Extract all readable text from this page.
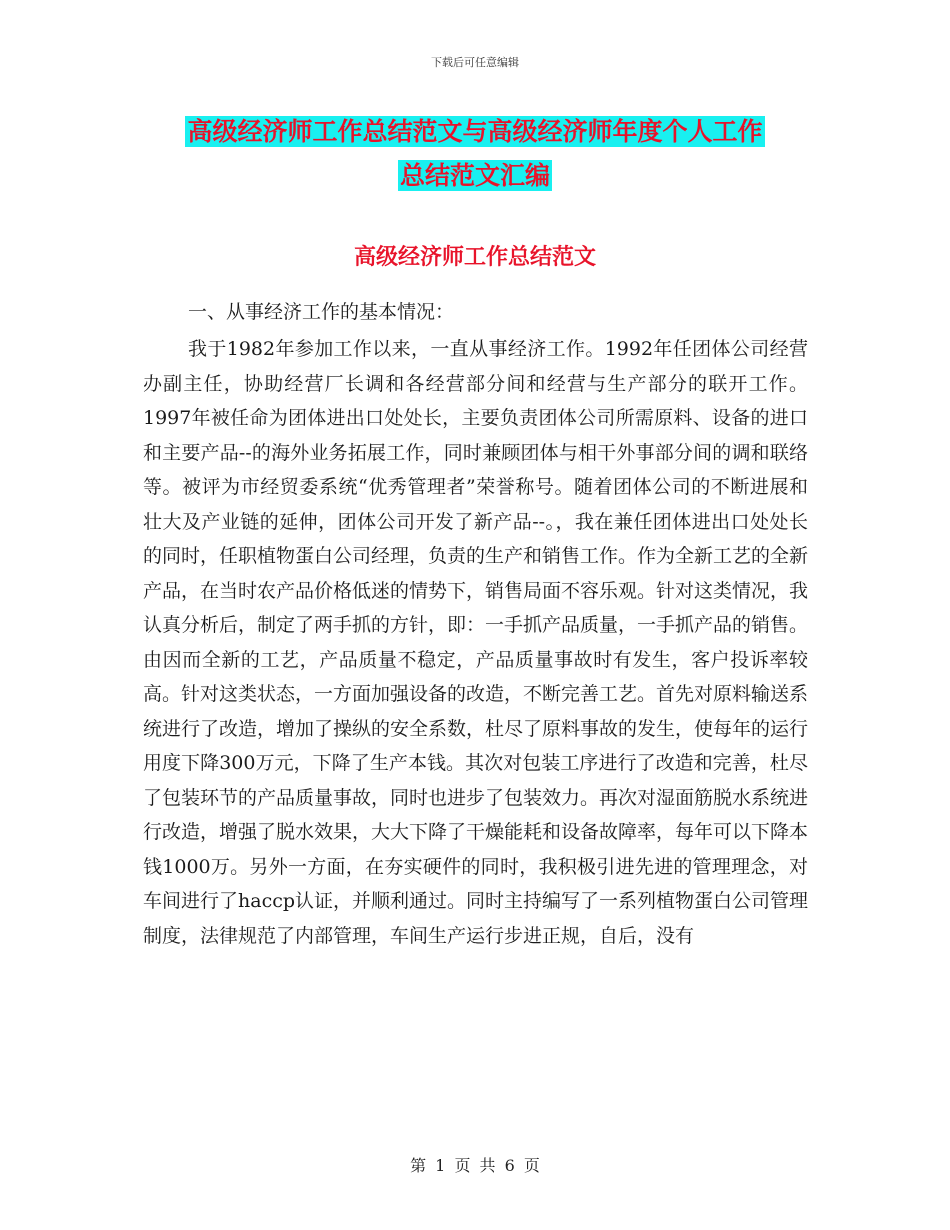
下载后可任意编辑
高级经济师工作总结范文与高级经济师年度个人工作
总结范文汇编
高级经济师工作总结范文
一、从事经济工作的基本情况：

我于1982年参加工作以来，一直从事经济工作。1992年任团体公司经营办副主任，协助经营厂长调和各经营部分间和经营与生产部分的联开工作。1997年被任命为团体进出口处处长，主要负责团体公司所需原料、设备的进口和主要产品--的海外业务拓展工作，同时兼顾团体与相干外事部分间的调和联络等。被评为市经贸委系统“优秀管理者”荣誉称号。随着团体公司的不断进展和壮大及产业链的延伸，团体公司开发了新产品--。，我在兼任团体进出口处处长的同时，任职植物蛋白公司经理，负责的生产和销售工作。作为全新工艺的全新产品，在当时农产品价格低迷的情势下，销售局面不容乐观。针对这类情况，我认真分析后，制定了两手抓的方针，即：一手抓产品质量，一手抓产品的销售。由因而全新的工艺，产品质量不稳定，产品质量事故时有发生，客户投诉率较高。针对这类状态，一方面加强设备的改造，不断完善工艺。首先对原料输送系统进行了改造，增加了操纵的安全系数，杜尽了原料事故的发生，使每年的运行用度下降300万元，下降了生产本钱。其次对包装工序进行了改造和完善，杜尽了包装环节的产品质量事故，同时也进步了包装效力。再次对湿面筋脱水系统进行改造，增强了脱水效果，大大下降了干燥能耗和设备故障率，每年可以下降本钱1000万。另外一方面，在夯实硬件的同时，我积极引进先进的管理理念，对车间进行了haccp认证，并顺利通过。同时主持编写了一系列植物蛋白公司管理制度，法律规范了内部管理，车间生产运行步进正规，自后，没有

第 1 页 共 6 页
